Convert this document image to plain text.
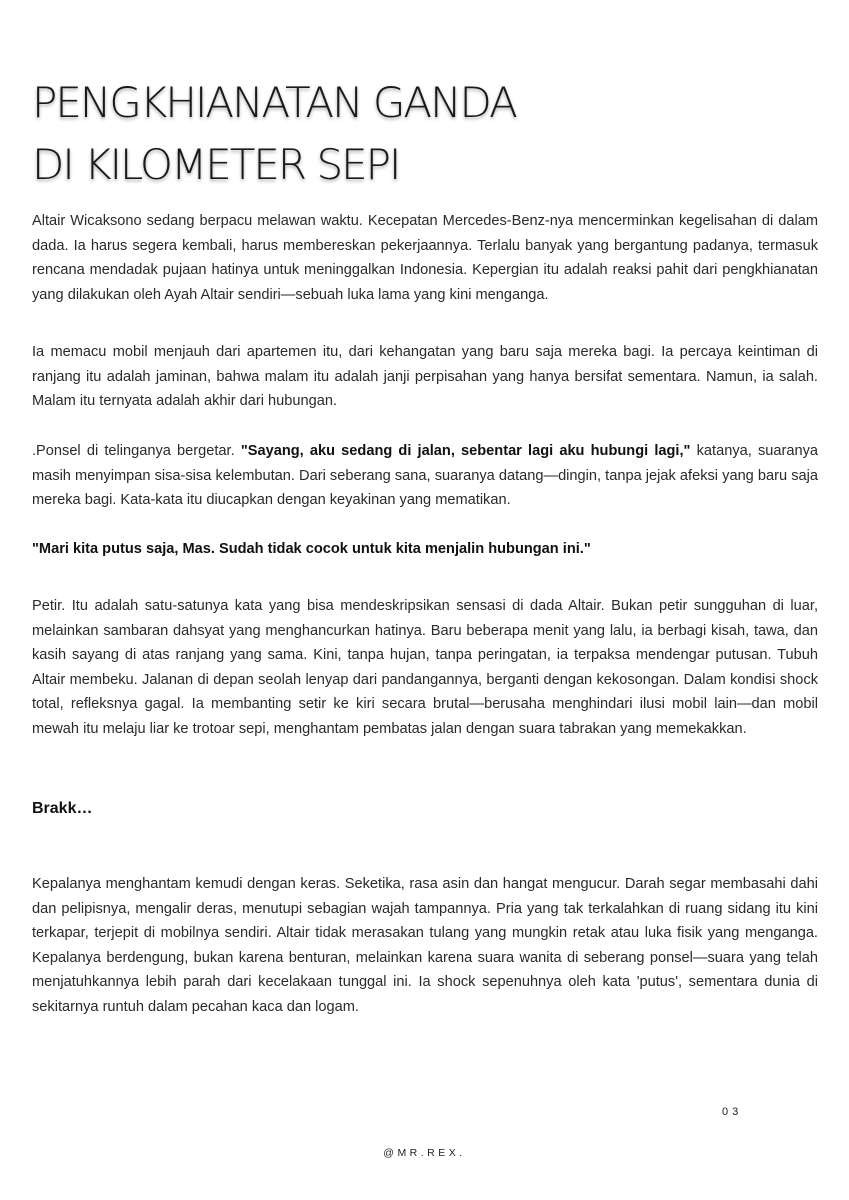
PENGKHIANATAN GANDA
DI KILOMETER SEPI

Altair Wicaksono sedang berpacu melawan waktu. Kecepatan Mercedes-Benz-nya mencerminkan kegelisahan di dalam dada. Ia harus segera kembali, harus membereskan pekerjaannya. Terlalu banyak yang bergantung padanya, termasuk rencana mendadak pujaan hatinya untuk meninggalkan Indonesia. Kepergian itu adalah reaksi pahit dari pengkhianatan yang dilakukan oleh Ayah Altair sendiri—sebuah luka lama yang kini menganga.

Ia memacu mobil menjauh dari apartemen itu, dari kehangatan yang baru saja mereka bagi. Ia percaya keintiman di ranjang itu adalah jaminan, bahwa malam itu adalah janji perpisahan yang hanya bersifat sementara. Namun, ia salah. Malam itu ternyata adalah akhir dari hubungan.

.Ponsel di telinganya bergetar. "Sayang, aku sedang di jalan, sebentar lagi aku hubungi lagi," katanya, suaranya masih menyimpan sisa-sisa kelembutan. Dari seberang sana, suaranya datang—dingin, tanpa jejak afeksi yang baru saja mereka bagi. Kata-kata itu diucapkan dengan keyakinan yang mematikan.

"Mari kita putus saja, Mas. Sudah tidak cocok untuk kita menjalin hubungan ini."

Petir. Itu adalah satu-satunya kata yang bisa mendeskripsikan sensasi di dada Altair. Bukan petir sungguhan di luar, melainkan sambaran dahsyat yang menghancurkan hatinya. Baru beberapa menit yang lalu, ia berbagi kisah, tawa, dan kasih sayang di atas ranjang yang sama. Kini, tanpa hujan, tanpa peringatan, ia terpaksa mendengar putusan. Tubuh Altair membeku. Jalanan di depan seolah lenyap dari pandangannya, berganti dengan kekosongan. Dalam kondisi shock total, refleksnya gagal. Ia membanting setir ke kiri secara brutal—berusaha menghindari ilusi mobil lain—dan mobil mewah itu melaju liar ke trotoar sepi, menghantam pembatas jalan dengan suara tabrakan yang memekakkan.

Brakk…

Kepalanya menghantam kemudi dengan keras. Seketika, rasa asin dan hangat mengucur. Darah segar membasahi dahi dan pelipisnya, mengalir deras, menutupi sebagian wajah tampannya. Pria yang tak terkalahkan di ruang sidang itu kini terkapar, terjepit di mobilnya sendiri. Altair tidak merasakan tulang yang mungkin retak atau luka fisik yang menganga. Kepalanya berdengung, bukan karena benturan, melainkan karena suara wanita di seberang ponsel—suara yang telah menjatuhkannya lebih parah dari kecelakaan tunggal ini. Ia shock sepenuhnya oleh kata 'putus', sementara dunia di sekitarnya runtuh dalam pecahan kaca dan logam.

03
@MR.REX.
